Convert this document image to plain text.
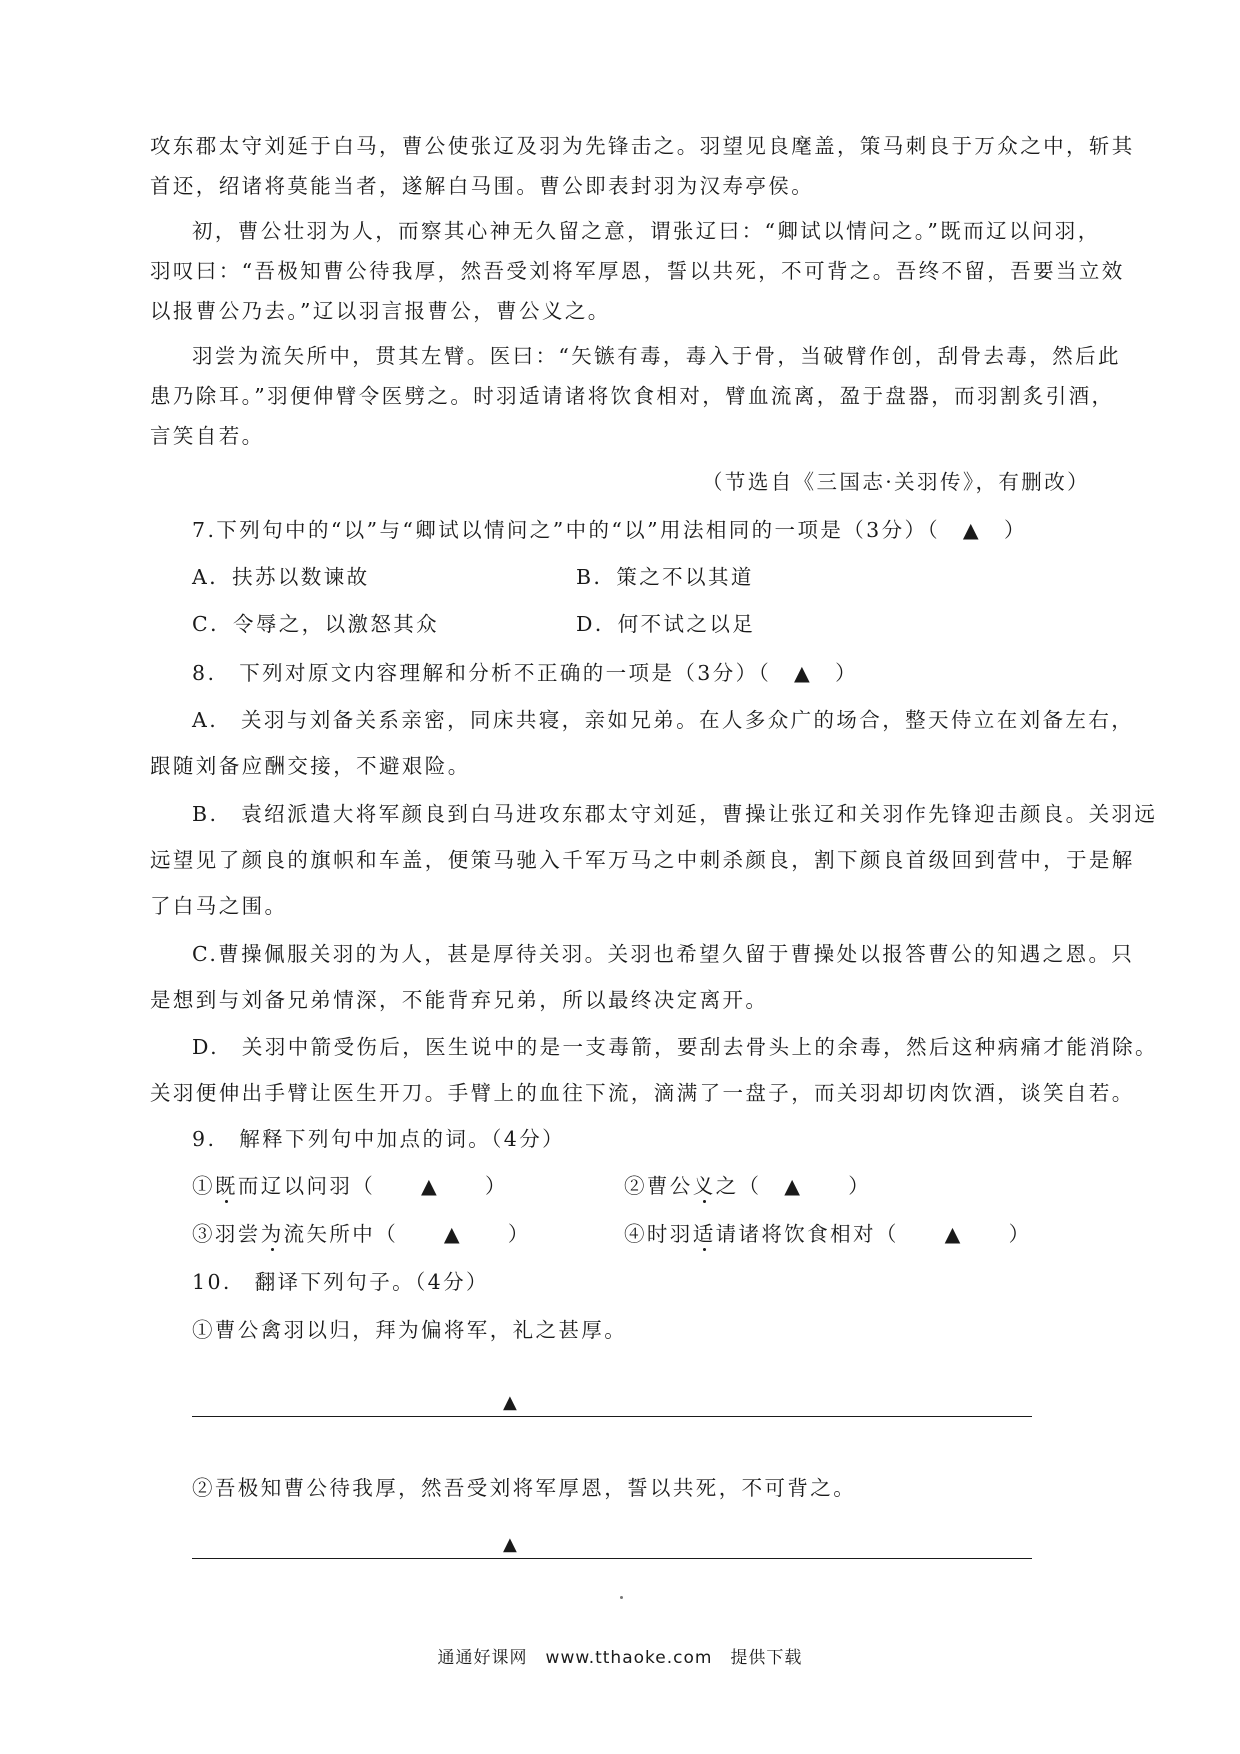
攻东郡太守刘延于白马，曹公使张辽及羽为先锋击之。羽望见良麾盖，策马刺良于万众之中，斩其
首还，绍诸将莫能当者，遂解白马围。曹公即表封羽为汉寿亭侯。
初，曹公壮羽为人，而察其心神无久留之意，谓张辽曰：“卿试以情问之。”既而辽以问羽，
羽叹曰：“吾极知曹公待我厚，然吾受刘将军厚恩，誓以共死，不可背之。吾终不留，吾要当立效
以报曹公乃去。”辽以羽言报曹公，曹公义之。
羽尝为流矢所中，贯其左臂。医曰：“矢镞有毒，毒入于骨，当破臂作创，刮骨去毒，然后此
患乃除耳。”羽便伸臂令医劈之。时羽适请诸将饮食相对，臂血流离，盈于盘器，而羽割炙引酒，
言笑自若。
（节选自《三国志·关羽传》，有删改）
7.下列句中的“以”与“卿试以情问之”中的“以”用法相同的一项是（3分）（　▲　）
A．扶苏以数谏故	B．策之不以其道
C．令辱之，以激怒其众	D．何不试之以足
8.　下列对原文内容理解和分析不正确的一项是（3分）（　▲　）
A.　关羽与刘备关系亲密，同床共寝，亲如兄弟。在人多众广的场合，整天侍立在刘备左右，
跟随刘备应酬交接，不避艰险。
B.　袁绍派遣大将军颜良到白马进攻东郡太守刘延，曹操让张辽和关羽作先锋迎击颜良。关羽远
远望见了颜良的旗帜和车盖，便策马驰入千军万马之中刺杀颜良，割下颜良首级回到营中，于是解
了白马之围。
C.曹操佩服关羽的为人，甚是厚待关羽。关羽也希望久留于曹操处以报答曹公的知遇之恩。只
是想到与刘备兄弟情深，不能背弃兄弟，所以最终决定离开。
D.　关羽中箭受伤后，医生说中的是一支毒箭，要刮去骨头上的余毒，然后这种病痛才能消除。
关羽便伸出手臂让医生开刀。手臂上的血往下流，滴满了一盘子，而关羽却切肉饮酒，谈笑自若。
9.　解释下列句中加点的词。（4分）
①既而辽以问羽（　　▲　　）	②曹公义之（　▲　　）
③羽尝为流矢所中（　　▲　　）	④时羽适请诸将饮食相对（　　▲　　）
10.　翻译下列句子。（4分）
①曹公禽羽以归，拜为偏将军，礼之甚厚。
▲
②吾极知曹公待我厚，然吾受刘将军厚恩，誓以共死，不可背之。
▲
通通好课网　www.tthaoke.com　提供下载
